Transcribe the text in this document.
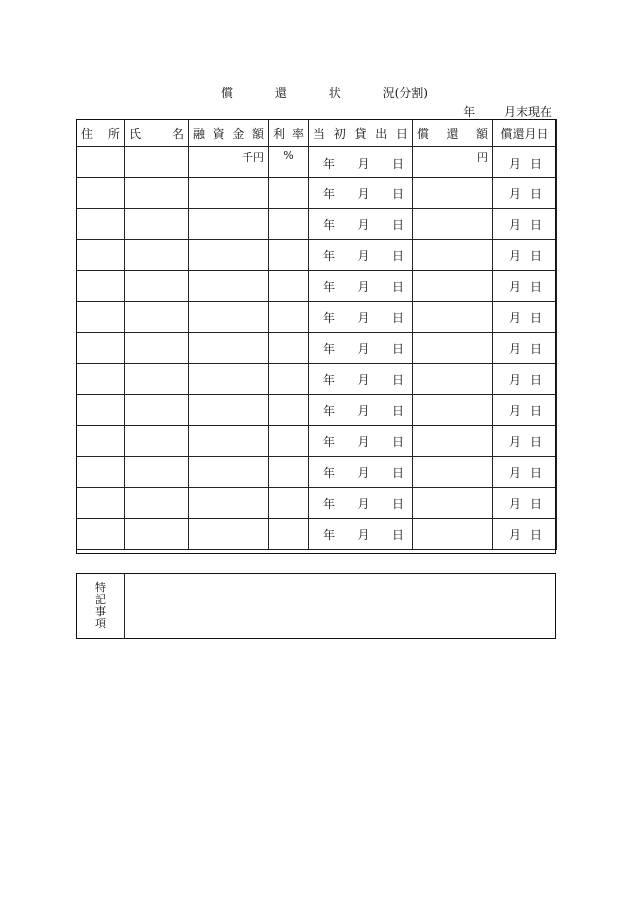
償	還	状	況(分割)
年 月末現在
住 所	氏 名	融 資 金 額	利 率	当 初 貸 出 日	償 還 額	償還月日

		千円	%	年 月 日	円	月 日

				年 月 日		月 日

				年 月 日		月 日

				年 月 日		月 日

				年 月 日		月 日

				年 月 日		月 日

				年 月 日		月 日

				年 月 日		月 日

				年 月 日		月 日

				年 月 日		月 日

				年 月 日		月 日

				年 月 日		月 日

				年 月 日		月 日
特
記
事
項
